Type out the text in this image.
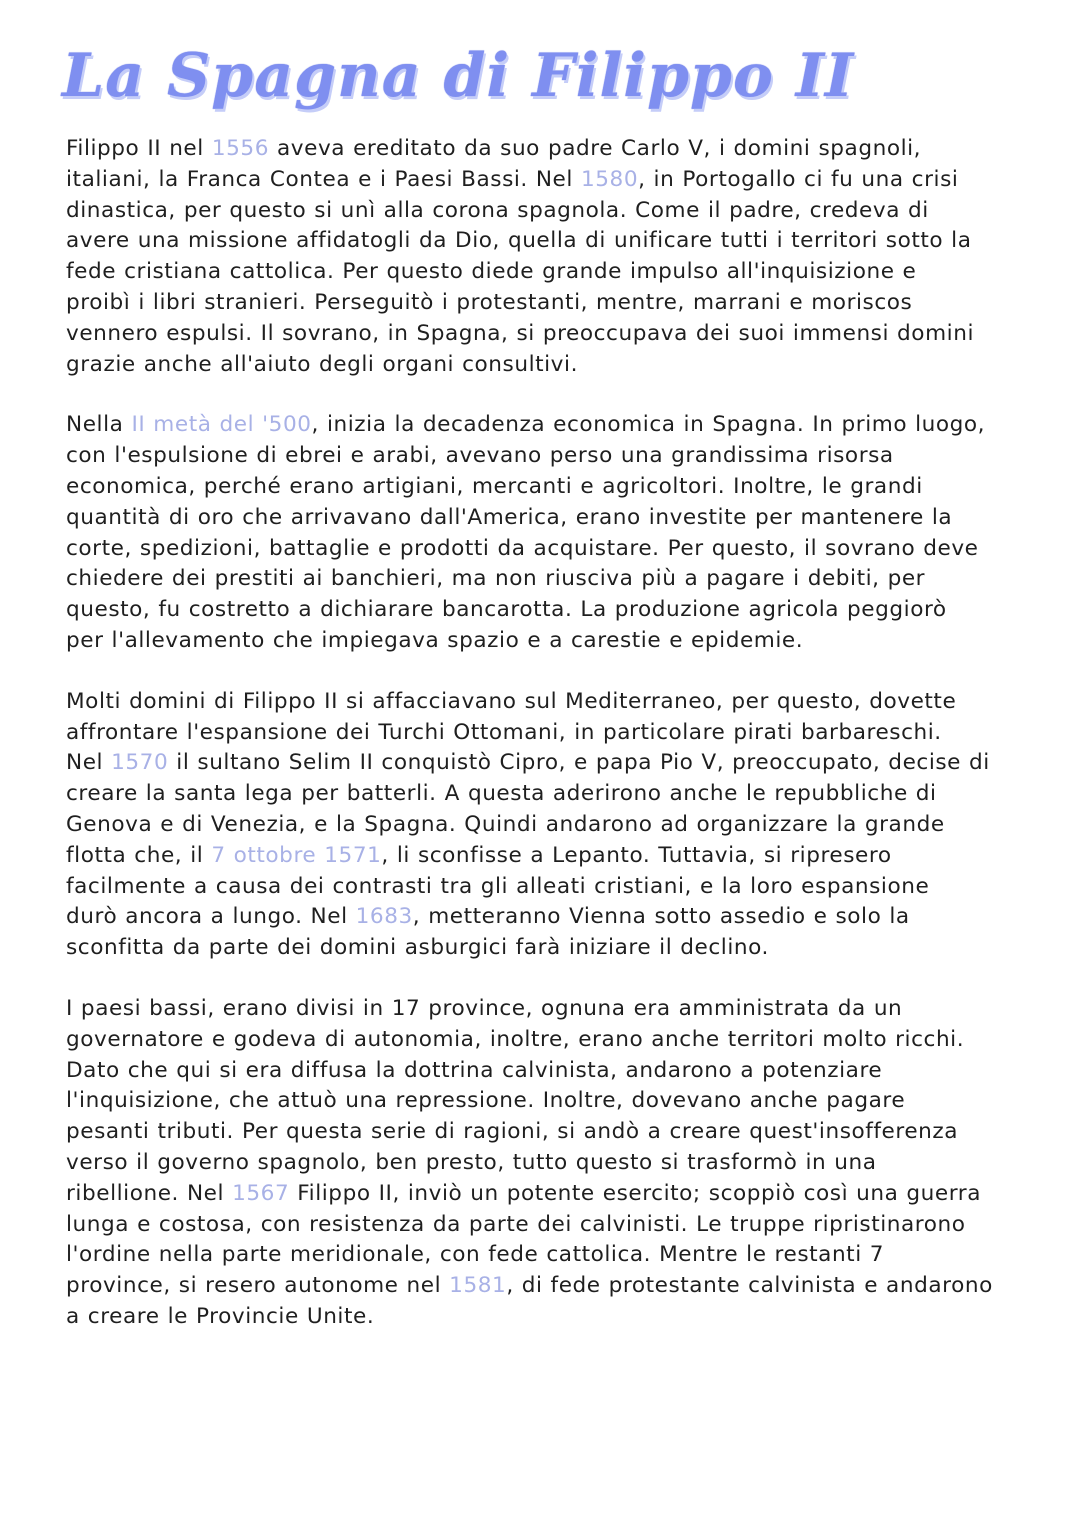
La Spagna di Filippo II

Filippo II nel 1556 aveva ereditato da suo padre Carlo V, i domini spagnoli,
italiani, la Franca Contea e i Paesi Bassi. Nel 1580, in Portogallo ci fu una crisi
dinastica, per questo si unì alla corona spagnola. Come il padre, credeva di
avere una missione affidatogli da Dio, quella di unificare tutti i territori sotto la
fede cristiana cattolica. Per questo diede grande impulso all'inquisizione e
proibì i libri stranieri. Perseguitò i protestanti, mentre, marrani e moriscos
vennero espulsi. Il sovrano, in Spagna, si preoccupava dei suoi immensi domini
grazie anche all'aiuto degli organi consultivi.

Nella II metà del '500, inizia la decadenza economica in Spagna. In primo luogo,
con l'espulsione di ebrei e arabi, avevano perso una grandissima risorsa
economica, perché erano artigiani, mercanti e agricoltori. Inoltre, le grandi
quantità di oro che arrivavano dall'America, erano investite per mantenere la
corte, spedizioni, battaglie e prodotti da acquistare. Per questo, il sovrano deve
chiedere dei prestiti ai banchieri, ma non riusciva più a pagare i debiti, per
questo, fu costretto a dichiarare bancarotta. La produzione agricola peggiorò
per l'allevamento che impiegava spazio e a carestie e epidemie.

Molti domini di Filippo II si affacciavano sul Mediterraneo, per questo, dovette
affrontare l'espansione dei Turchi Ottomani, in particolare pirati barbareschi.
Nel 1570 il sultano Selim II conquistò Cipro, e papa Pio V, preoccupato, decise di
creare la santa lega per batterli. A questa aderirono anche le repubbliche di
Genova e di Venezia, e la Spagna. Quindi andarono ad organizzare la grande
flotta che, il 7 ottobre 1571, li sconfisse a Lepanto. Tuttavia, si ripresero
facilmente a causa dei contrasti tra gli alleati cristiani, e la loro espansione
durò ancora a lungo. Nel 1683, metteranno Vienna sotto assedio e solo la
sconfitta da parte dei domini asburgici farà iniziare il declino.

I paesi bassi, erano divisi in 17 province, ognuna era amministrata da un
governatore e godeva di autonomia, inoltre, erano anche territori molto ricchi.
Dato che qui si era diffusa la dottrina calvinista, andarono a potenziare
l'inquisizione, che attuò una repressione. Inoltre, dovevano anche pagare
pesanti tributi. Per questa serie di ragioni, si andò a creare quest'insofferenza
verso il governo spagnolo, ben presto, tutto questo si trasformò in una
ribellione. Nel 1567 Filippo II, inviò un potente esercito; scoppiò così una guerra
lunga e costosa, con resistenza da parte dei calvinisti. Le truppe ripristinarono
l'ordine nella parte meridionale, con fede cattolica. Mentre le restanti 7
province, si resero autonome nel 1581, di fede protestante calvinista e andarono
a creare le Provincie Unite.
